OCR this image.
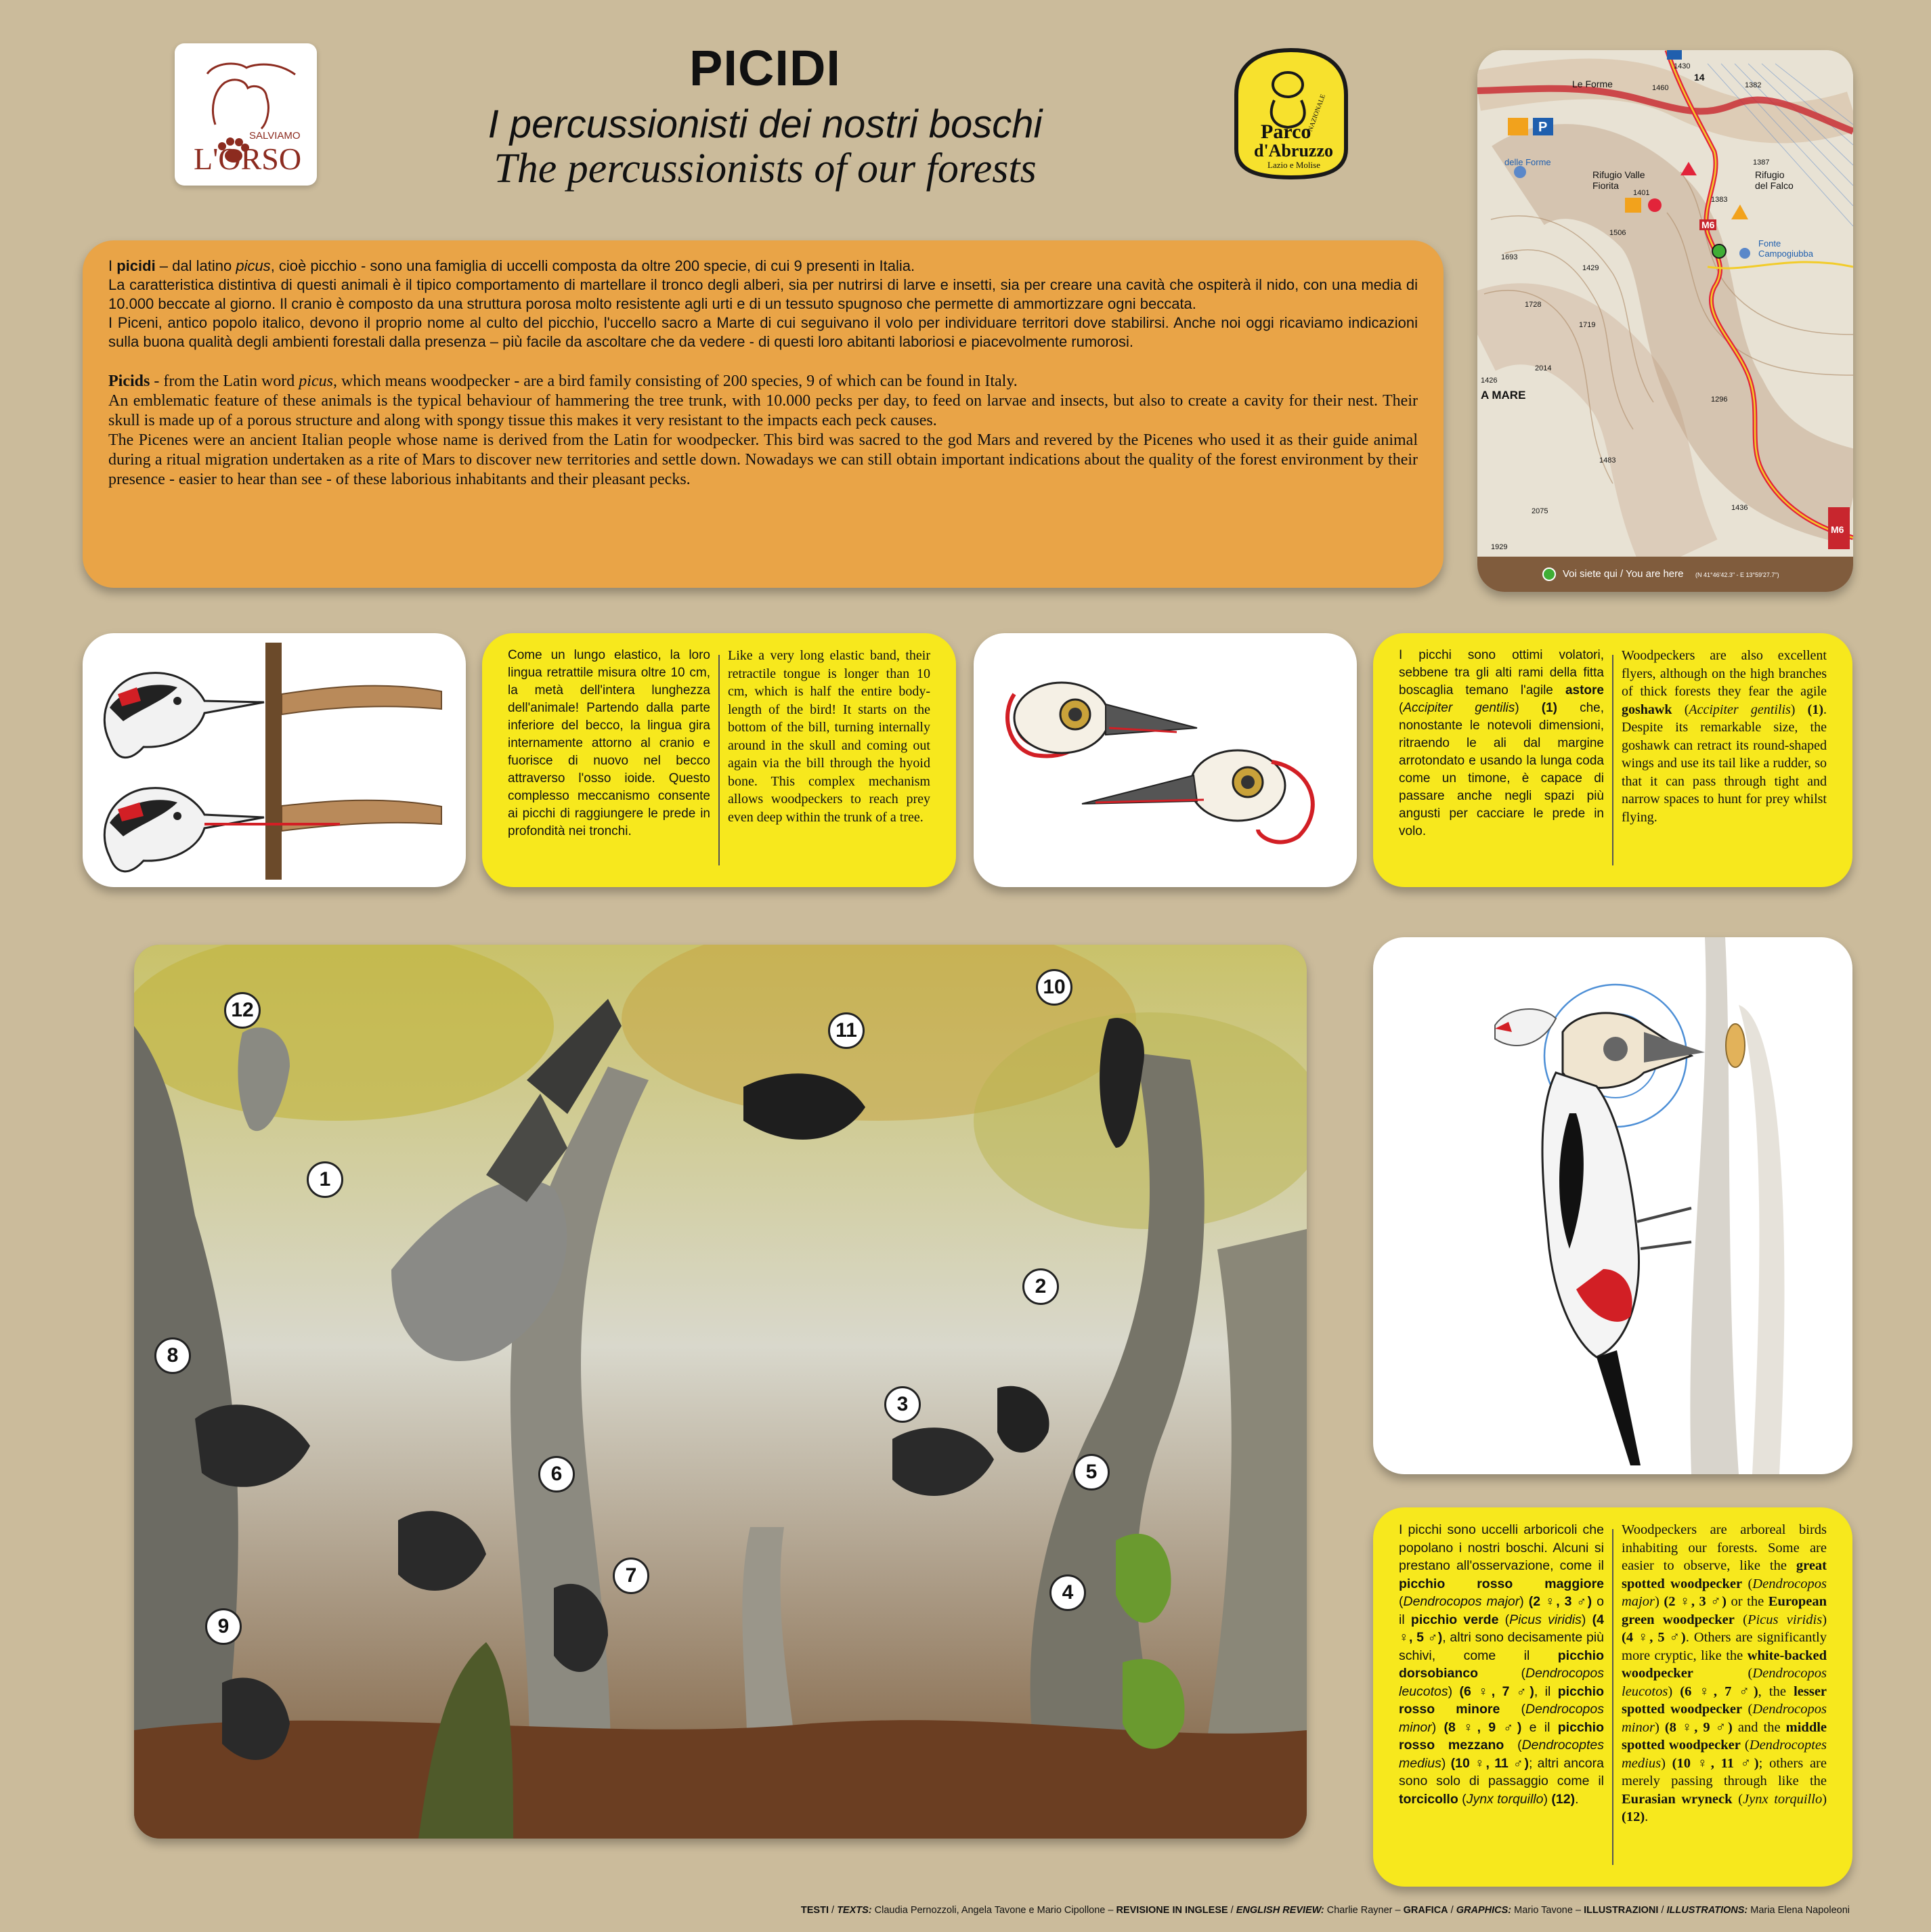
SALVIAMO
L'ORSO
Parco
NAZIONALE
d'Abruzzo
Lazio e Molise
PICIDI
I percussionisti dei nostri boschi
The percussionists of our forests

I picidi – dal latino picus, cioè picchio - sono una famiglia di uccelli composta da oltre 200 specie, di cui 9 presenti in Italia.

La caratteristica distintiva di questi animali è il tipico comportamento di martellare il tronco degli alberi, sia per nutrirsi di larve e insetti, sia per creare una cavità che ospiterà il nido, con una media di 10.000 beccate al giorno. Il cranio è composto da una struttura porosa molto resistente agli urti e di un tessuto spugnoso che permette di ammortizzare ogni beccata.

I Piceni, antico popolo italico, devono il proprio nome al culto del picchio, l'uccello sacro a Marte di cui seguivano il volo per individuare territori dove stabilirsi. Anche noi oggi ricaviamo indicazioni sulla buona qualità degli ambienti forestali dalla presenza – più facile da ascoltare che da vedere - di questi loro abitanti laboriosi e piacevolmente rumorosi.

Picids - from the Latin word picus, which means woodpecker - are a bird family consisting of 200 species, 9 of which can be found in Italy.

An emblematic feature of these animals is the typical behaviour of hammering the tree trunk, with 10.000 pecks per day, to feed on larvae and insects, but also to create a cavity for their nest. Their skull is made up of a porous structure and along with spongy tissue this makes it very resistant to the impacts each peck causes.

The Picenes were an ancient Italian people whose name is derived from the Latin for woodpecker. This bird was sacred to the god Mars and revered by the Picenes who used it as their guide animal during a ritual migration undertaken as a rite of Mars to discover new territories and settle down. Nowadays we can still obtain important indications about the quality of the forest environment by their presence - easier to hear than see - of these laborious inhabitants and their pleasant pecks.

P
Le Forme
1430
1460	1382
Rifugio Valle Fiorita
Rifugio del Falco
1401
1506
1693
1429
1728
1719
2014
1426
A MARE	1296
1483
1436
2075
1929
1387
1383
M6
M6
14
delle Forme
Fonte Campogiubba
Voi siete qui / You are here (N 41°46'42.3" - E 13°59'27.7")
Come un lungo elastico, la loro lingua retrattile misura oltre 10 cm, la metà dell'intera lunghezza dell'animale! Partendo dalla parte inferiore del becco, la lingua gira internamente attorno al cranio e fuorisce di nuovo nel becco attraverso l'osso ioide. Questo complesso meccanismo consente ai picchi di raggiungere le prede in profondità nei tronchi.
Like a very long elastic band, their retractile tongue is longer than 10 cm, which is half the entire body-length of the bird! It starts on the bottom of the bill, turning internally around in the skull and coming out again via the bill through the hyoid bone. This complex mechanism allows woodpeckers to reach prey even deep within the trunk of a tree.
I picchi sono ottimi volatori, sebbene tra gli alti rami della fitta boscaglia temano l'agile astore (Accipiter gentilis) (1) che, nonostante le notevoli dimensioni, ritraendo le ali dal margine arrotondato e usando la lunga coda come un timone, è capace di passare anche negli spazi più angusti per cacciare le prede in volo.
Woodpeckers are also excellent flyers, although on the high branches of thick forests they fear the agile goshawk (Accipiter gentilis) (1). Despite its remarkable size, the goshawk can retract its round-shaped wings and use its tail like a rudder, so that it can pass through tight and narrow spaces to hunt for prey whilst flying.
12
11
10
1
2
8
3
6	5
7
4
9
I picchi sono uccelli arboricoli che popolano i nostri boschi. Alcuni si prestano all'osservazione, come il picchio rosso maggiore (Dendrocopos major) (2 ♀, 3 ♂) o il picchio verde (Picus viridis) (4 ♀, 5 ♂), altri sono decisamente più schivi, come il picchio dorsobianco (Dendrocopos leucotos) (6 ♀, 7 ♂), il picchio rosso minore (Dendrocopos minor) (8 ♀, 9 ♂) e il picchio rosso mezzano (Dendrocoptes medius) (10 ♀, 11 ♂); altri ancora sono solo di passaggio come il torcicollo (Jynx torquillo) (12).
Woodpeckers are arboreal birds inhabiting our forests. Some are easier to observe, like the great spotted woodpecker (Dendrocopos major) (2 ♀, 3 ♂) or the European green woodpecker (Picus viridis) (4 ♀, 5 ♂). Others are significantly more cryptic, like the white-backed woodpecker (Dendrocopos leucotos) (6 ♀, 7 ♂), the lesser spotted woodpecker (Dendrocopos minor) (8 ♀, 9 ♂) and the middle spotted woodpecker (Dendrocoptes medius) (10 ♀, 11 ♂); others are merely passing through like the Eurasian wryneck (Jynx torquillo) (12).
TESTI / TEXTS: Claudia Pernozzoli, Angela Tavone e Mario Cipollone – REVISIONE IN INGLESE / ENGLISH REVIEW: Charlie Rayner – GRAFICA / GRAPHICS: Mario Tavone – ILLUSTRAZIONI / ILLUSTRATIONS: Maria Elena Napoleoni
